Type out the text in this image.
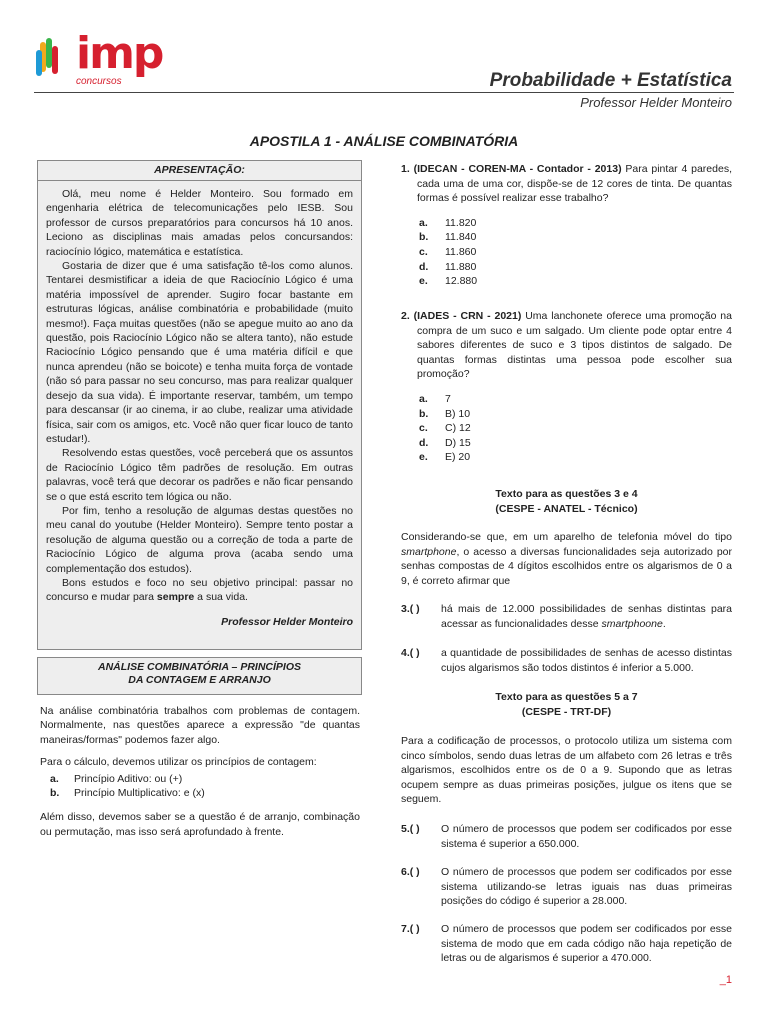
imp
concursos	Probabilidade + Estatística
Professor Helder Monteiro
APOSTILA 1 - ANÁLISE COMBINATÓRIA
APRESENTAÇÃO:

Olá, meu nome é Helder Monteiro. Sou formado em engenharia elétrica de telecomunicações pelo IESB. Sou professor de cursos preparatórios para concursos há 10 anos. Leciono as disciplinas mais amadas pelos concursandos: raciocínio lógico, matemática e estatística.

Gostaria de dizer que é uma satisfação tê-los como alunos. Tentarei desmistificar a ideia de que Raciocínio Lógico é uma matéria impossível de aprender. Sugiro focar bastante em estruturas lógicas, análise combinatória e probabilidade (muito mesmo!). Faça muitas questões (não se apegue muito ao ano da questão, pois Raciocínio Lógico não se altera tanto), não estude Raciocínio Lógico pensando que é uma matéria difícil e que nunca aprendeu (não se boicote) e tenha muita força de vontade (não só para passar no seu concurso, mas para realizar qualquer desejo da sua vida). É importante reservar, também, um tempo para descansar (ir ao cinema, ir ao clube, realizar uma atividade física, sair com os amigos, etc. Você não quer ficar louco de tanto estudar!).

Resolvendo estas questões, você perceberá que os assuntos de Raciocínio Lógico têm padrões de resolução. Em outras palavras, você terá que decorar os padrões e não ficar pensando se o que está escrito tem lógica ou não.

Por fim, tenho a resolução de algumas destas questões no meu canal do youtube (Helder Monteiro). Sempre tento postar a resolução de alguma questão ou a correção de toda a parte de Raciocínio Lógico de alguma prova (acaba sendo uma complementação dos estudos).

Bons estudos e foco no seu objetivo principal: passar no concurso e mudar para sempre a sua vida.

Professor Helder Monteiro

ANÁLISE COMBINATÓRIA – PRINCÍPIOS
DA CONTAGEM E ARRANJO

Na análise combinatória trabalhos com problemas de contagem. Normalmente, nas questões aparece a expressão "de quantas maneiras/formas" podemos fazer algo.

Para o cálculo, devemos utilizar os princípios de contagem:

a.	Princípio Aditivo: ou (+)
b.	Princípio Multiplicativo: e (x)

Além disso, devemos saber se a questão é de arranjo, combinação ou permutação, mas isso será aprofundado à frente.

1. (IDECAN - COREN-MA - Contador - 2013) Para pintar 4 paredes, cada uma de uma cor, dispõe-se de 12 cores de tinta. De quantas formas é possível realizar esse trabalho?
a.	11.820
b.	11.840
c.	11.860
d.	11.880
e.	12.880
2. (IADES - CRN - 2021) Uma lanchonete oferece uma promoção na compra de um suco e um salgado. Um cliente pode optar entre 4 sabores diferentes de suco e 3 tipos distintos de salgado. De quantas formas distintas uma pessoa pode escolher sua promoção?
a.	7
b.	B) 10
c.	C) 12
d.	D) 15
e.	E) 20
Texto para as questões 3 e 4
(CESPE - ANATEL - Técnico)
Considerando-se que, em um aparelho de telefonia móvel do tipo smartphone, o acesso a diversas funcionalidades seja autorizado por senhas compostas de 4 dígitos escolhidos entre os algarismos de 0 a 9, é correto afirmar que
3.( )	há mais de 12.000 possibilidades de senhas distintas para acessar as funcionalidades desse smartphoone.
4.( )	a quantidade de possibilidades de senhas de acesso distintas cujos algarismos são todos distintos é inferior a 5.000.
Texto para as questões 5 a 7
(CESPE - TRT-DF)
Para a codificação de processos, o protocolo utiliza um sistema com cinco símbolos, sendo duas letras de um alfabeto com 26 letras e três algarismos, escolhidos entre os de 0 a 9. Supondo que as letras ocupem sempre as duas primeiras posições, julgue os itens que se seguem.
5.( )	O número de processos que podem ser codificados por esse sistema é superior a 650.000.
6.( )	O número de processos que podem ser codificados por esse sistema utilizando-se letras iguais nas duas primeiras posições do código é superior a 28.000.
7.( )	O número de processos que podem ser codificados por esse sistema de modo que em cada código não haja repetição de letras ou de algarismos é superior a 470.000.
_1
